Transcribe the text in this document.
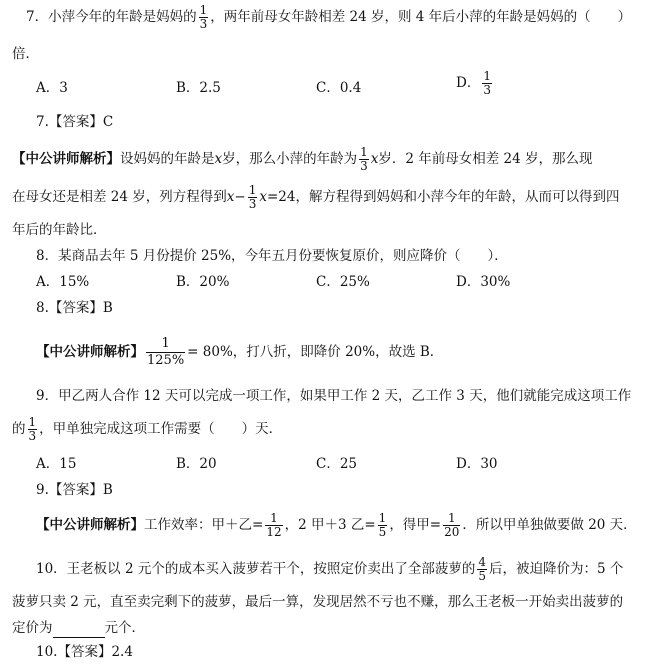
7．小萍今年的年龄是妈妈的 $\frac{1}{3}$ ，两年前母女年龄相差 24 岁，则 4 年后小萍的年龄是妈妈的（　　）
倍．
A．3	B．2.5	C．0.4	D． $\frac{1}{3}$
7.【答案】C
【中公讲师解析】设妈妈的年龄是x岁，那么小萍的年龄为 $\frac{1}{3}$ x岁．2 年前母女相差 24 岁，那么现
在母女还是相差 24 岁，列方程得到$x- \frac{1}{3} x=24$，解方程得到妈妈和小萍今年的年龄，从而可以得到四
年后的年龄比．
8．某商品去年 5 月份提价 25%，今年五月份要恢复原价，则应降价（　　）．
A．15%	B．20%	C．25%	D．30%
8.【答案】B
【中公讲师解析】 $\frac{1}{125\%} = 80\%$，打八折，即降价 20%，故选 B．
9．甲乙两人合作 12 天可以完成一项工作，如果甲工作 2 天，乙工作 3 天，他们就能完成这项工作
的 $\frac{1}{3}$ ，甲单独完成这项工作需要（　　）天．
A．15	B．20	C．25	D．30
9.【答案】B
【中公讲师解析】工作效率：甲＋乙= $\frac{1}{12}$ ，2 甲＋3 乙= $\frac{1}{5}$ ，得甲= $\frac{1}{20}$ ．所以甲单独做要做 20 天．
10．王老板以 2 元个的成本买入菠萝若干个，按照定价卖出了全部菠萝的 $\frac{4}{5}$ 后，被迫降价为：5 个
菠萝只卖 2 元，直至卖完剩下的菠萝，最后一算，发现居然不亏也不赚，那么王老板一开始卖出菠萝的
定价为	元个．
10.【答案】2.4
